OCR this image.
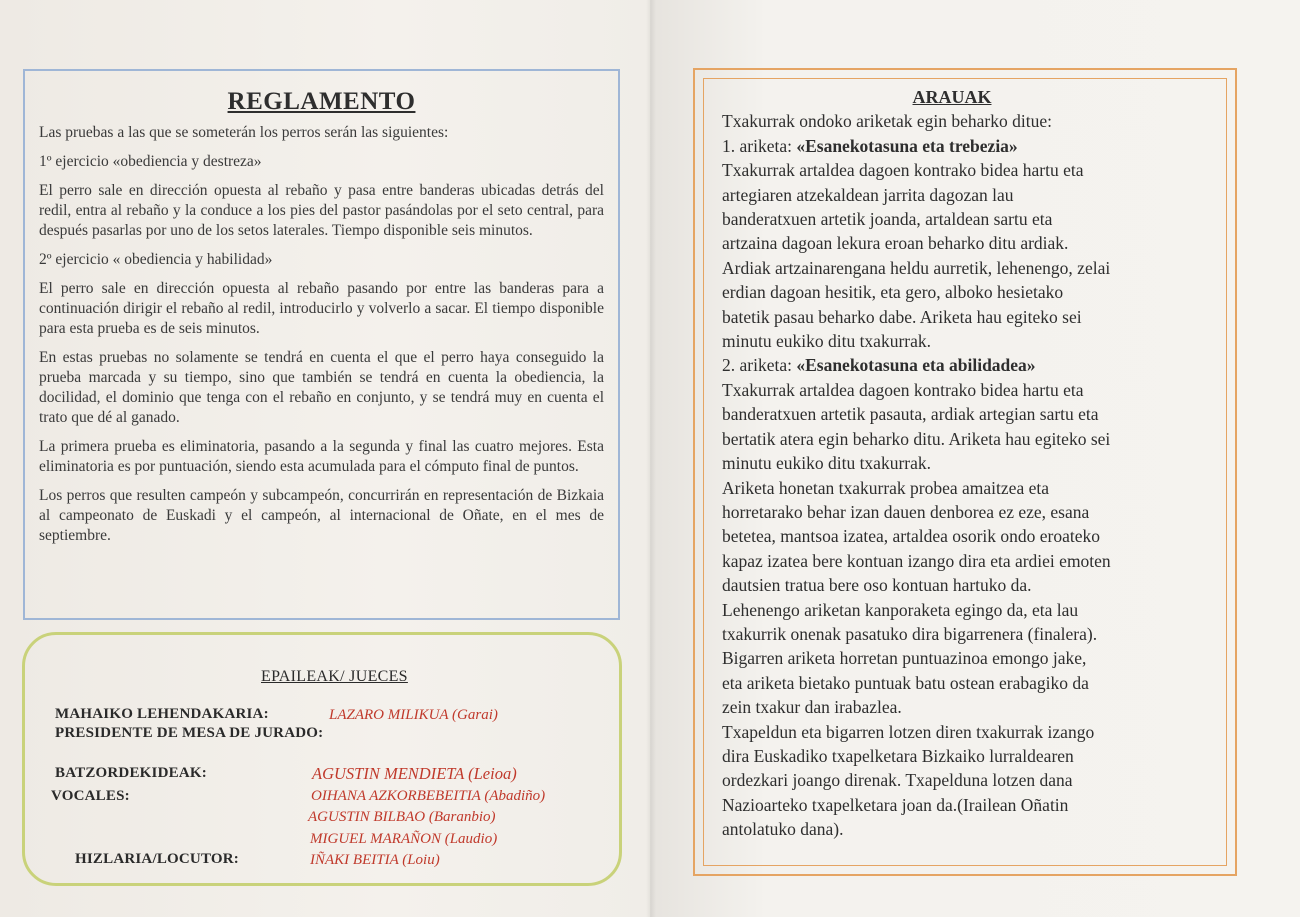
REGLAMENTO

Las pruebas a las que se someterán los perros serán las siguientes:

1º ejercicio «obediencia y destreza»

El perro sale en dirección opuesta al rebaño y pasa entre banderas ubicadas detrás del redil, entra al rebaño y la conduce a los pies del pastor pasándolas por el seto central, para después pasarlas por uno de los setos laterales. Tiempo disponible seis minutos.

2º ejercicio « obediencia y habilidad»

El perro sale en dirección opuesta al rebaño pasando por entre las banderas para a continuación dirigir el rebaño al redil, introducirlo y volverlo a sacar. El tiempo disponible para esta prueba es de seis minutos.

En estas pruebas no solamente se tendrá en cuenta el que el perro haya conseguido la prueba marcada y su tiempo, sino que también se tendrá en cuenta la obediencia, la docilidad, el dominio que tenga con el rebaño en conjunto, y se tendrá muy en cuenta el trato que dé al ganado.

La primera prueba es eliminatoria, pasando a la segunda y final las cuatro mejores. Esta eliminatoria es por puntuación, siendo esta acumulada para el cómputo final de puntos.

Los perros que resulten campeón y subcampeón, concurrirán en representación de Bizkaia al campeonato de Euskadi y el campeón, al internacional de Oñate, en el mes de septiembre.

EPAILEAK/ JUECES
MAHAIKO LEHENDAKARIA:
PRESIDENTE DE MESA DE JURADO:
LAZARO MILIKUA (Garai)
BATZORDEKIDEAK:
VOCALES:
AGUSTIN MENDIETA (Leioa)
OIHANA AZKORBEBEITIA (Abadiño)
AGUSTIN BILBAO (Baranbio)
MIGUEL MARAÑON (Laudio)
HIZLARIA/LOCUTOR:	IÑAKI BEITIA (Loiu)
ARAUAK
Txakurrak ondoko ariketak egin beharko ditue:
1. ariketa: «Esanekotasuna eta trebezia»
Txakurrak artaldea dagoen kontrako bidea hartu eta
artegiaren atzekaldean jarrita dagozan lau
banderatxuen artetik joanda, artaldean sartu eta
artzaina dagoan lekura eroan beharko ditu ardiak.
Ardiak artzainarengana heldu aurretik, lehenengo, zelai
erdian dagoan hesitik, eta gero, alboko hesietako
batetik pasau beharko dabe. Ariketa hau egiteko sei
minutu eukiko ditu txakurrak.
2. ariketa: «Esanekotasuna eta abilidadea»
Txakurrak artaldea dagoen kontrako bidea hartu eta
banderatxuen artetik pasauta, ardiak artegian sartu eta
bertatik atera egin beharko ditu. Ariketa hau egiteko sei
minutu eukiko ditu txakurrak.
Ariketa honetan txakurrak probea amaitzea eta
horretarako behar izan dauen denborea ez eze, esana
betetea, mantsoa izatea, artaldea osorik ondo eroateko
kapaz izatea bere kontuan izango dira eta ardiei emoten
dautsien tratua bere oso kontuan hartuko da.
Lehenengo ariketan kanporaketa egingo da, eta lau
txakurrik onenak pasatuko dira bigarrenera (finalera).
Bigarren ariketa horretan puntuazinoa emongo jake,
eta ariketa bietako puntuak batu ostean erabagiko da
zein txakur dan irabazlea.
Txapeldun eta bigarren lotzen diren txakurrak izango
dira Euskadiko txapelketara Bizkaiko lurraldearen
ordezkari joango direnak. Txapelduna lotzen dana
Nazioarteko txapelketara joan da.(Irailean Oñatin
antolatuko dana).
